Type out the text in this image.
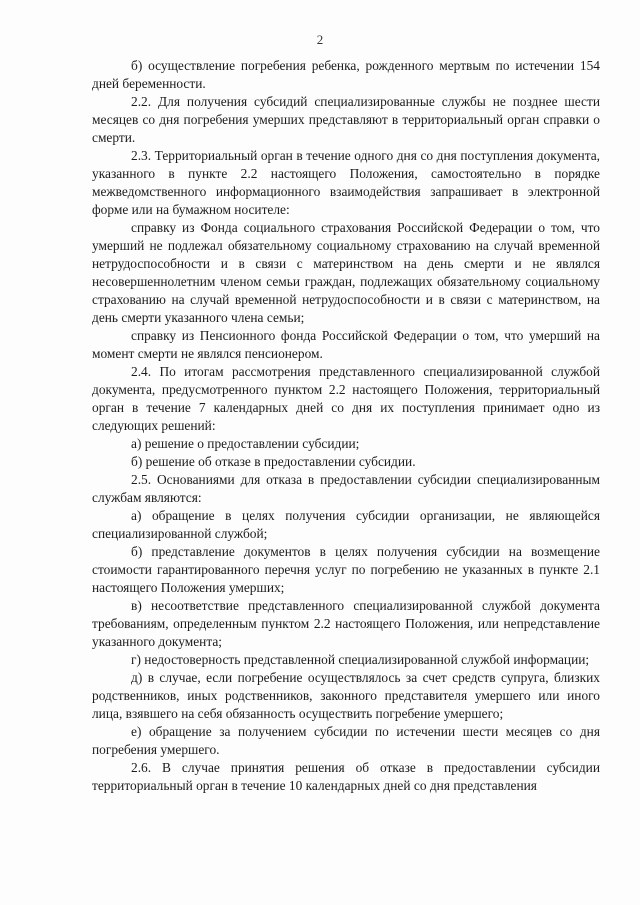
2

б) осуществление погребения ребенка, рожденного мертвым по истечении 154 дней беременности.

2.2. Для получения субсидий специализированные службы не позднее шести месяцев со дня погребения умерших представляют в территориальный орган справки о смерти.

2.3. Территориальный орган в течение одного дня со дня поступления документа, указанного в пункте 2.2 настоящего Положения, самостоятельно в порядке межведомственного информационного взаимодействия запрашивает в электронной форме или на бумажном носителе:

справку из Фонда социального страхования Российской Федерации о том, что умерший не подлежал обязательному социальному страхованию на случай временной нетрудоспособности и в связи с материнством на день смерти и не являлся несовершеннолетним членом семьи граждан, подлежащих обязательному социальному страхованию на случай временной нетрудоспособности и в связи с материнством, на день смерти указанного члена семьи;

справку из Пенсионного фонда Российской Федерации о том, что умерший на момент смерти не являлся пенсионером.

2.4. По итогам рассмотрения представленного специализированной службой документа, предусмотренного пунктом 2.2 настоящего Положения, территориальный орган в течение 7 календарных дней со дня их поступления принимает одно из следующих решений:

а) решение о предоставлении субсидии;

б) решение об отказе в предоставлении субсидии.

2.5. Основаниями для отказа в предоставлении субсидии специализированным службам являются:

а) обращение в целях получения субсидии организации, не являющейся специализированной службой;

б) представление документов в целях получения субсидии на возмещение стоимости гарантированного перечня услуг по погребению не указанных в пункте 2.1 настоящего Положения умерших;

в) несоответствие представленного специализированной службой документа требованиям, определенным пунктом 2.2 настоящего Положения, или непредставление указанного документа;

г) недостоверность представленной специализированной службой информации;

д) в случае, если погребение осуществлялось за счет средств супруга, близких родственников, иных родственников, законного представителя умершего или иного лица, взявшего на себя обязанность осуществить погребение умершего;

е) обращение за получением субсидии по истечении шести месяцев со дня погребения умершего.

2.6. В случае принятия решения об отказе в предоставлении субсидии территориальный орган в течение 10 календарных дней со дня представления
